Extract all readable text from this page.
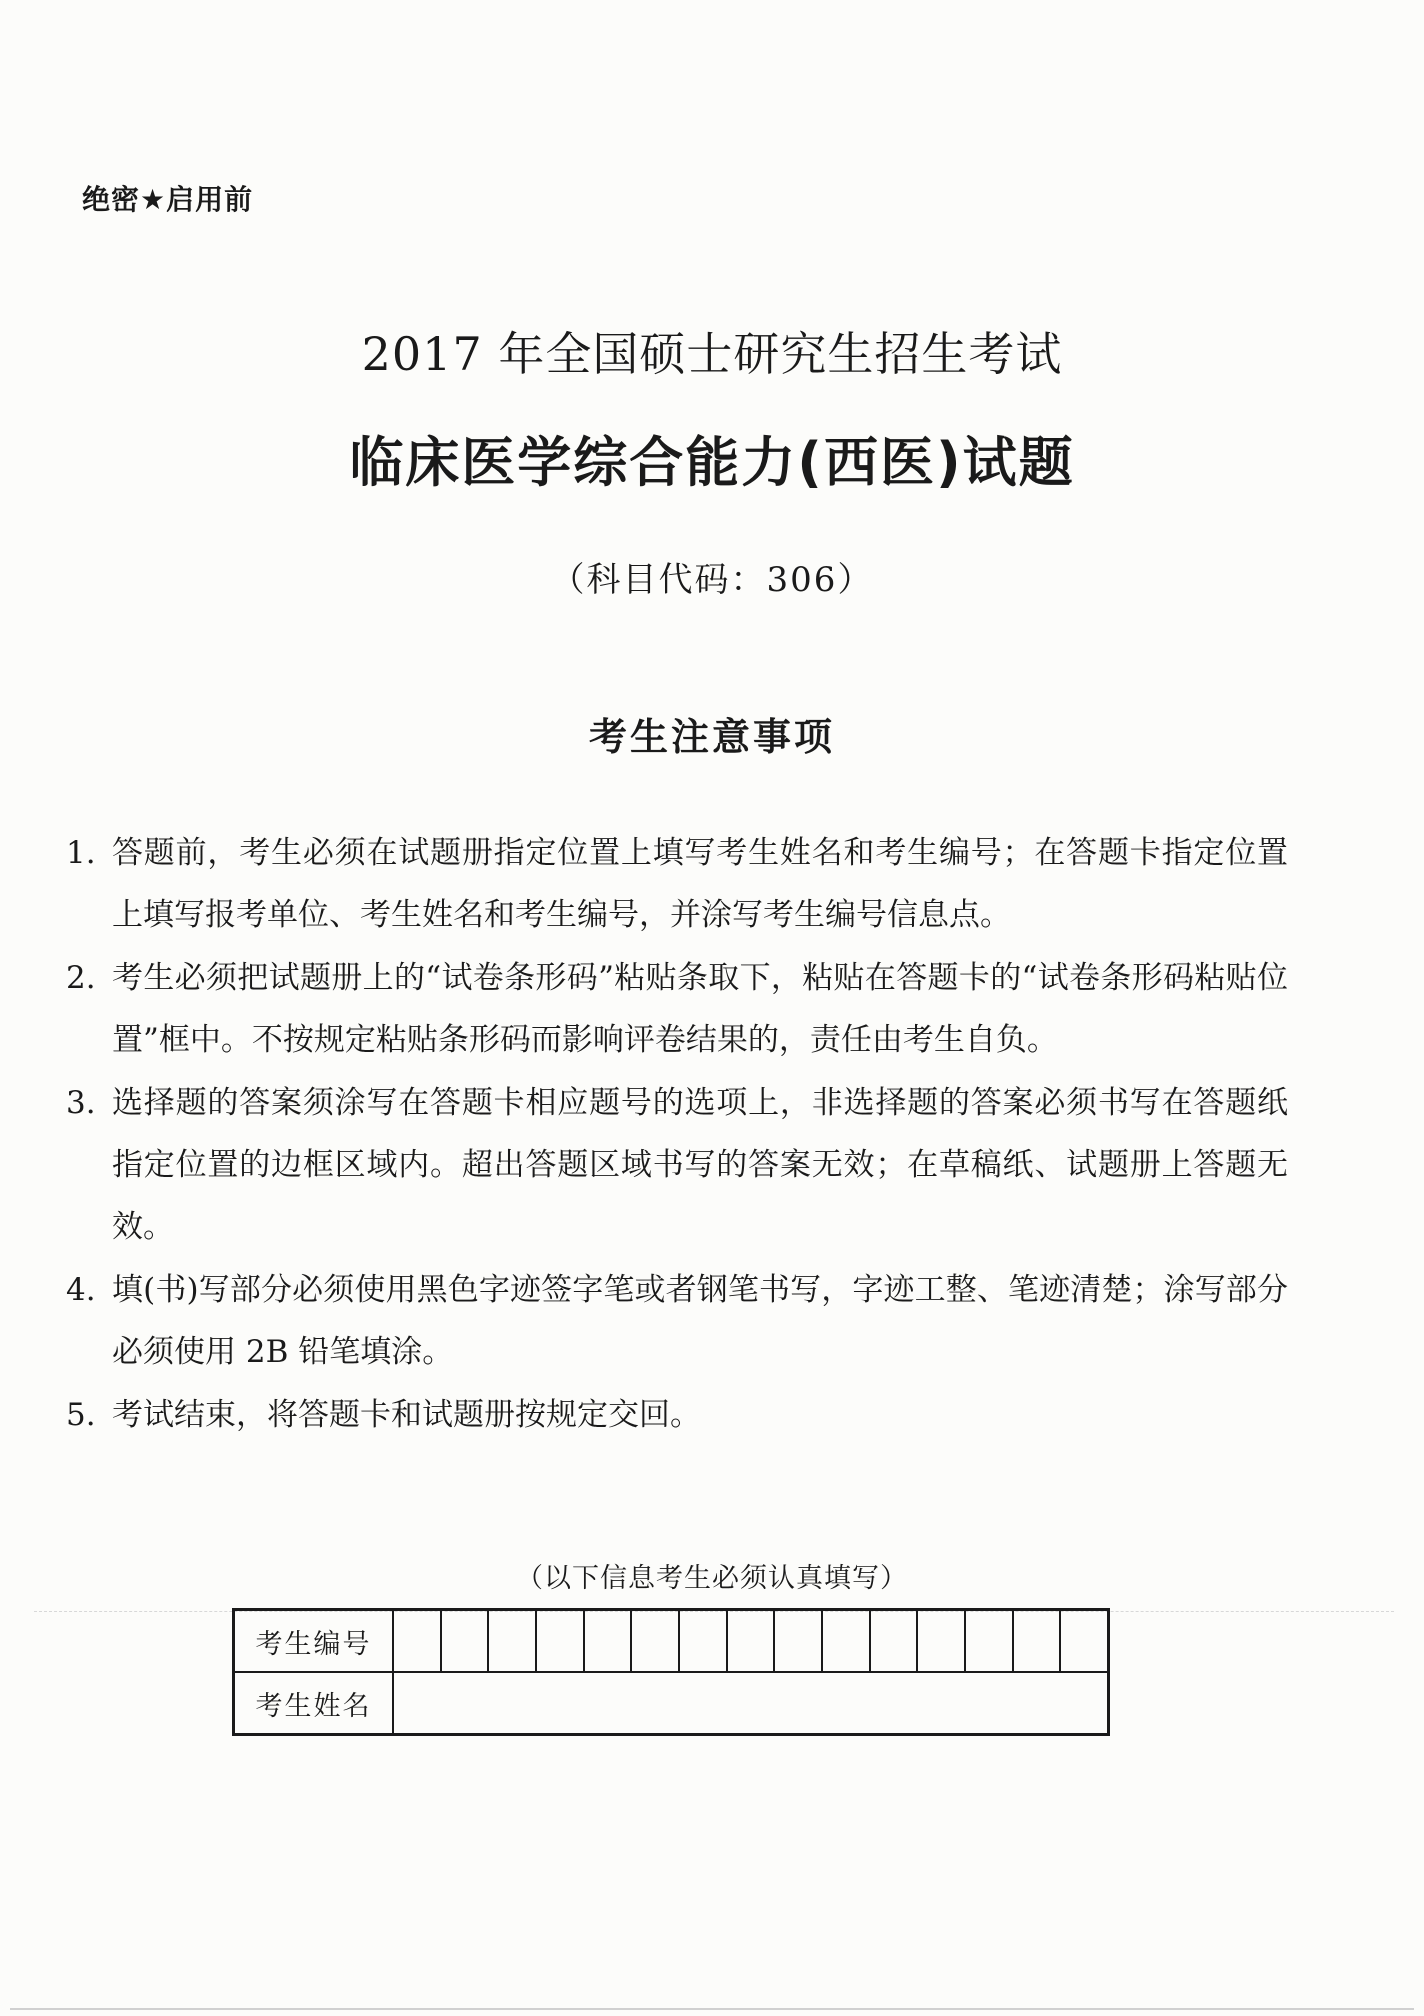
绝密★启用前
2017 年全国硕士研究生招生考试
临床医学综合能力(西医)试题
（科目代码：306）
考生注意事项
1. 答题前，考生必须在试题册指定位置上填写考生姓名和考生编号；在答题卡指定位置上填写报考单位、考生姓名和考生编号，并涂写考生编号信息点。
2. 考生必须把试题册上的“试卷条形码”粘贴条取下，粘贴在答题卡的“试卷条形码粘贴位置”框中。不按规定粘贴条形码而影响评卷结果的，责任由考生自负。
3. 选择题的答案须涂写在答题卡相应题号的选项上，非选择题的答案必须书写在答题纸指定位置的边框区域内。超出答题区域书写的答案无效；在草稿纸、试题册上答题无效。
4. 填(书)写部分必须使用黑色字迹签字笔或者钢笔书写，字迹工整、笔迹清楚；涂写部分必须使用 2B 铅笔填涂。
5. 考试结束，将答题卡和试题册按规定交回。
（以下信息考生必须认真填写）
考生编号															
考生姓名															
